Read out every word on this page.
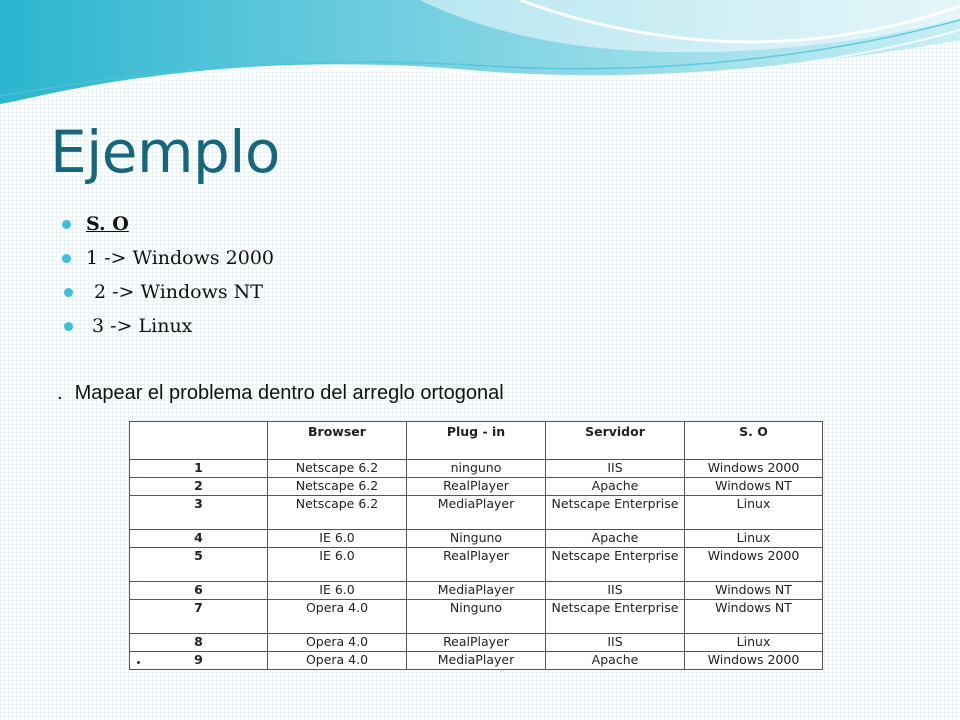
Ejemplo
S. O
1 -> Windows 2000
2 -> Windows NT
3 -> Linux
. Mapear el problema dentro del arreglo ortogonal
	Browser	Plug - in	Servidor	S. O
1	Netscape 6.2	ninguno	IIS	Windows 2000
2	Netscape 6.2	RealPlayer	Apache	Windows NT
3	Netscape 6.2	MediaPlayer	Netscape Enterprise	Linux
4	IE 6.0	Ninguno	Apache	Linux
5	IE 6.0	RealPlayer	Netscape Enterprise	Windows 2000
6	IE 6.0	MediaPlayer	IIS	Windows NT
7	Opera 4.0	Ninguno	Netscape Enterprise	Windows NT
8	Opera 4.0	RealPlayer	IIS	Linux
9	Opera 4.0	MediaPlayer	Apache	Windows 2000
